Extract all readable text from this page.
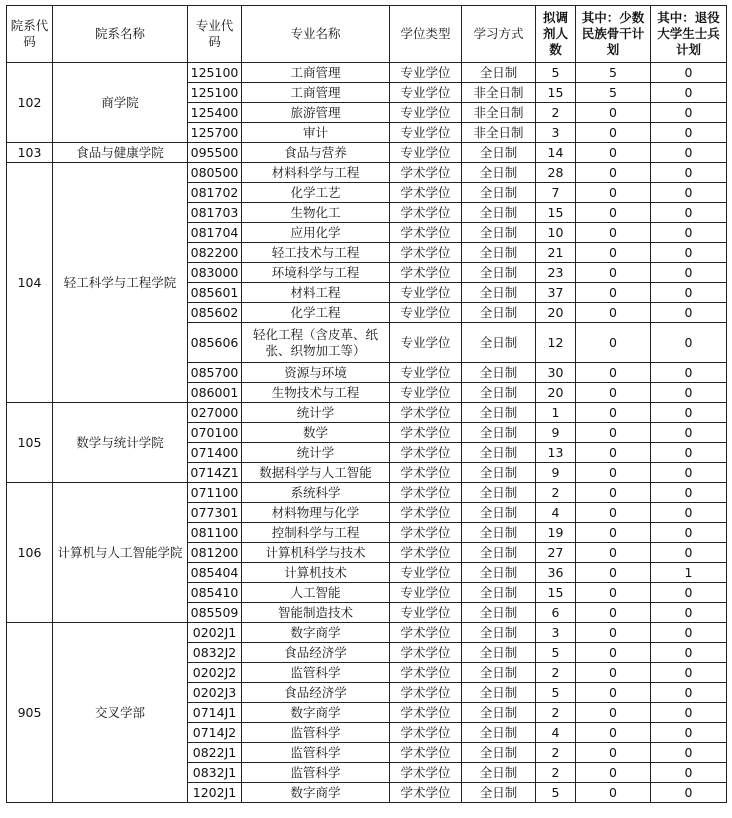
院系代码	院系名称	专业代码	专业名称	学位类型	学习方式	拟调剂人数	其中：少数民族骨干计划	其中：退役大学生士兵计划
102	商学院	125100	工商管理	专业学位	全日制	5	5	0
		125100	工商管理	专业学位	非全日制	15	5	0
		125400	旅游管理	专业学位	非全日制	2	0	0
		125700	审计	专业学位	非全日制	3	0	0
103	食品与健康学院	095500	食品与营养	专业学位	全日制	14	0	0
104	轻工科学与工程学院	080500	材料科学与工程	学术学位	全日制	28	0	0
		081702	化学工艺	学术学位	全日制	7	0	0
		081703	生物化工	学术学位	全日制	15	0	0
		081704	应用化学	学术学位	全日制	10	0	0
		082200	轻工技术与工程	学术学位	全日制	21	0	0
		083000	环境科学与工程	学术学位	全日制	23	0	0
		085601	材料工程	专业学位	全日制	37	0	0
		085602	化学工程	专业学位	全日制	20	0	0
		085606	轻化工程（含皮革、纸张、织物加工等）	专业学位	全日制	12	0	0
		085700	资源与环境	专业学位	全日制	30	0	0
		086001	生物技术与工程	专业学位	全日制	20	0	0
105	数学与统计学院	027000	统计学	学术学位	全日制	1	0	0
		070100	数学	学术学位	全日制	9	0	0
		071400	统计学	学术学位	全日制	13	0	0
		0714Z1	数据科学与人工智能	学术学位	全日制	9	0	0
106	计算机与人工智能学院	071100	系统科学	学术学位	全日制	2	0	0
		077301	材料物理与化学	学术学位	全日制	4	0	0
		081100	控制科学与工程	学术学位	全日制	19	0	0
		081200	计算机科学与技术	学术学位	全日制	27	0	0
		085404	计算机技术	专业学位	全日制	36	0	1
		085410	人工智能	专业学位	全日制	15	0	0
		085509	智能制造技术	专业学位	全日制	6	0	0
905	交叉学部	0202J1	数字商学	学术学位	全日制	3	0	0
		0832J2	食品经济学	学术学位	全日制	5	0	0
		0202J2	监管科学	学术学位	全日制	2	0	0
		0202J3	食品经济学	学术学位	全日制	5	0	0
		0714J1	数字商学	学术学位	全日制	2	0	0
		0714J2	监管科学	学术学位	全日制	4	0	0
		0822J1	监管科学	学术学位	全日制	2	0	0
		0832J1	监管科学	学术学位	全日制	2	0	0
		1202J1	数字商学	学术学位	全日制	5	0	0
